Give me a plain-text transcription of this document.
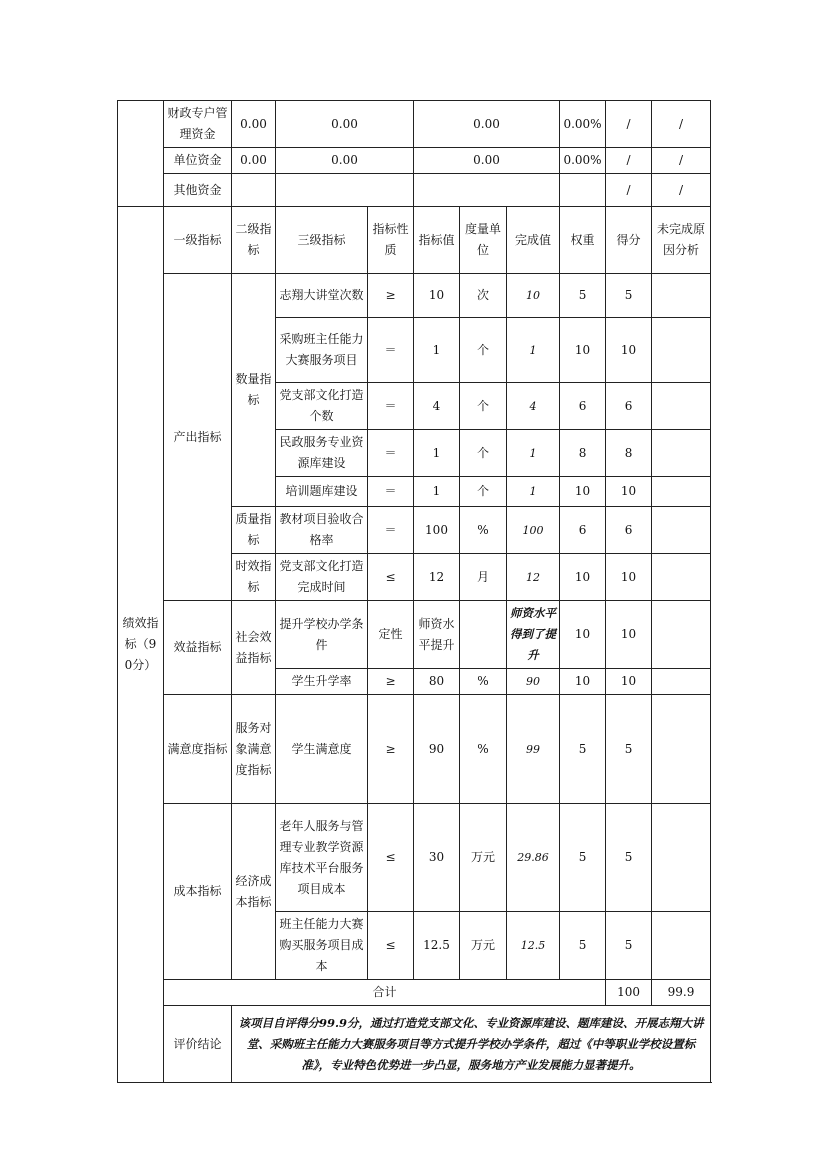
	财政专户管理资金	0.00	0.00		0.00			0.00%	/	/	
	单位资金	0.00	0.00		0.00			0.00%	/	/	
	其他资金								/	/	
绩效指标（90分）	一级指标	二级指标	三级指标	指标性质	指标值	度量单位	完成值	权重	得分	未完成原因分析	
	产出指标	数量指标	志翔大讲堂次数	≥	10	次	10	5	5		
			采购班主任能力大赛服务项目	＝	1	个	1	10	10		
			党支部文化打造个数	＝	4	个	4	6	6		
			民政服务专业资源库建设	＝	1	个	1	8	8		
			培训题库建设	＝	1	个	1	10	10		
		质量指标	教材项目验收合格率	＝	100	%	100	6	6		
		时效指标	党支部文化打造完成时间	≤	12	月	12	10	10		
	效益指标	社会效益指标	提升学校办学条件	定性	师资水平提升		师资水平得到了提升	10	10		
			学生升学率	≥	80	%	90	10	10		
	满意度指标	服务对象满意度指标	学生满意度	≥	90	%	99	5	5		
	成本指标	经济成本指标	老年人服务与管理专业教学资源库技术平台服务项目成本	≤	30	万元	29.86	5	5		
			班主任能力大赛购买服务项目成本	≤	12.5	万元	12.5	5	5		
	合计								100	99.9	
	评价结论	该项目自评得分99.9分，通过打造党支部文化、专业资源库建设、题库建设、开展志翔大讲堂、采购班主任能力大赛服务项目等方式提升学校办学条件，超过《中等职业学校设置标准》，专业特色优势进一步凸显，服务地方产业发展能力显著提升。									
